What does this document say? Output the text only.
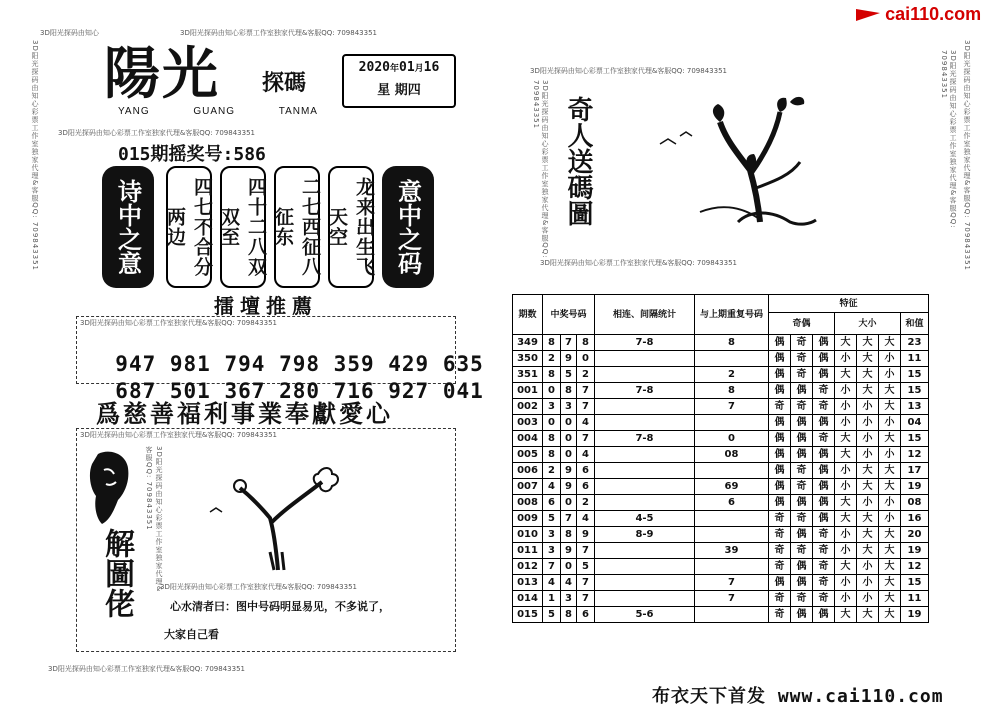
cai110.com
3D阳光探码由知心彩票工作室独家代理&客服QQ: 709843351
3D阳光探码由知心	3D阳光探码由知心彩票工作室独家代理&客服QQ: 709843351
陽光 探碼
YANG	GUANG	TANMA
2020年01月16
星 期四
3D阳光探码由知心彩票工作室独家代理&客服QQ: 709843351
015期摇奖号:586
诗中之意	四七不合分两边	四十二八双双至	二七西征八征东	龙来出生飞天空	意中之码
擂壇推薦
3D阳光探码由知心彩票工作室独家代理&客服QQ: 709843351

947 981 794 798 359 429 635

687 501 367 280 716 927 041

爲慈善福利事業奉獻愛心
3D阳光探码由知心彩票工作室独家代理&客服QQ: 709843351
解圖佬	3D阳光探码由知心彩票工作室独家代理&客服QQ: 709843351
3D阳光探码由知心彩票工作室独家代理&客服QQ: 709843351
心水清者曰：图中号码明显易见，不多说了，
大家自己看
3D阳光探码由知心彩票工作室独家代理&客服QQ: 709843351
3D阳光探码由知心彩票工作室独家代理&客服QQ: 709843351	3D阳光探码由知心彩票工作室独家代理&客服QQ: 709843351	3D阳光探码由知心彩票工作室独家代理&客服QQ: 709843351
3D阳光探码由知心彩票工作室独家代理&客服QQ: 709843351 奇人送碼圖
3D阳光探码由知心彩票工作室独家代理&客服QQ: 709843351
期数	中奖号码			相连、间隔统计	与上期重复号码	特征						
						奇偶			大小			和值
349	8	7	8	7-8	8	偶	奇	偶	大	大	大	23
350	2	9	0			偶	奇	偶	小	大	小	11
351	8	5	2		2	偶	奇	偶	大	大	小	15
001	0	8	7	7-8	8	偶	偶	奇	小	大	大	15
002	3	3	7		7	奇	奇	奇	小	小	大	13
003	0	0	4			偶	偶	偶	小	小	小	04
004	8	0	7	7-8	0	偶	偶	奇	大	小	大	15
005	8	0	4		08	偶	偶	偶	大	小	小	12
006	2	9	6			偶	奇	偶	小	大	大	17
007	4	9	6		69	偶	奇	偶	小	大	大	19
008	6	0	2		6	偶	偶	偶	大	小	小	08
009	5	7	4	4-5		奇	奇	偶	大	大	小	16
010	3	8	9	8-9		奇	偶	奇	小	大	大	20
011	3	9	7		39	奇	奇	奇	小	大	大	19
012	7	0	5			奇	偶	奇	大	小	大	12
013	4	4	7		7	偶	偶	奇	小	小	大	15
014	1	3	7		7	奇	奇	奇	小	小	大	11
015	5	8	6	5-6		奇	偶	偶	大	大	大	19
布衣天下首发 www.cai110.com
